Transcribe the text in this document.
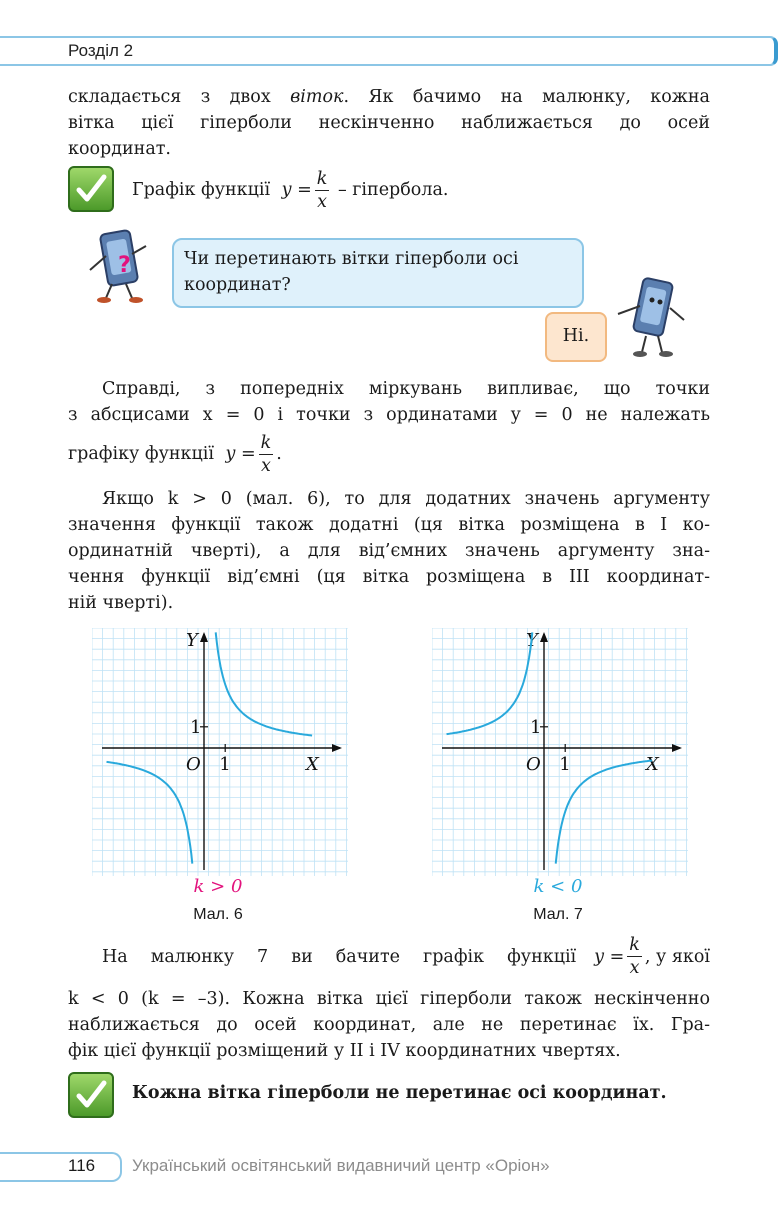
Розділ 2
складається з двох віток. Як бачимо на малюнку, кожна
вітка цієї гіперболи нескінченно наближається до осей
координат.
Графік функції $y = \frac{k}{x}$ – гіпербола.
?	Чи перетинають вітки гіперболи осі координат?
Ні.
Справді, з попередніх міркувань випливає, що точки
з абсцисами x = 0 і точки з ординатами y = 0 не належать
графіку функції $y = \frac{k}{x}$ .
Якщо k > 0 (мал. 6), то для додатних значень аргументу
значення функції також додатні (ця вітка розміщена в I ко-
ординатній чверті), а для від’ємних значень аргументу зна-
чення функції від’ємні (ця вітка розміщена в III координат-
ній чверті).
Y
X
O 1
1
k > 0
Мал. 6
Y
X
O 1
1
k < 0
Мал. 7
На малюнку 7 ви бачите графік функції $y = \frac{k}{x}$ , у якої
k < 0 (k = –3). Кожна вітка цієї гіперболи також нескінченно
наближається до осей координат, але не перетинає їх. Гра-
фік цієї функції розміщений у II і IV координатних чвертях.
Кожна вітка гіперболи не перетинає осі координат.
116 Український освітянський видавничий центр «Оріон»
